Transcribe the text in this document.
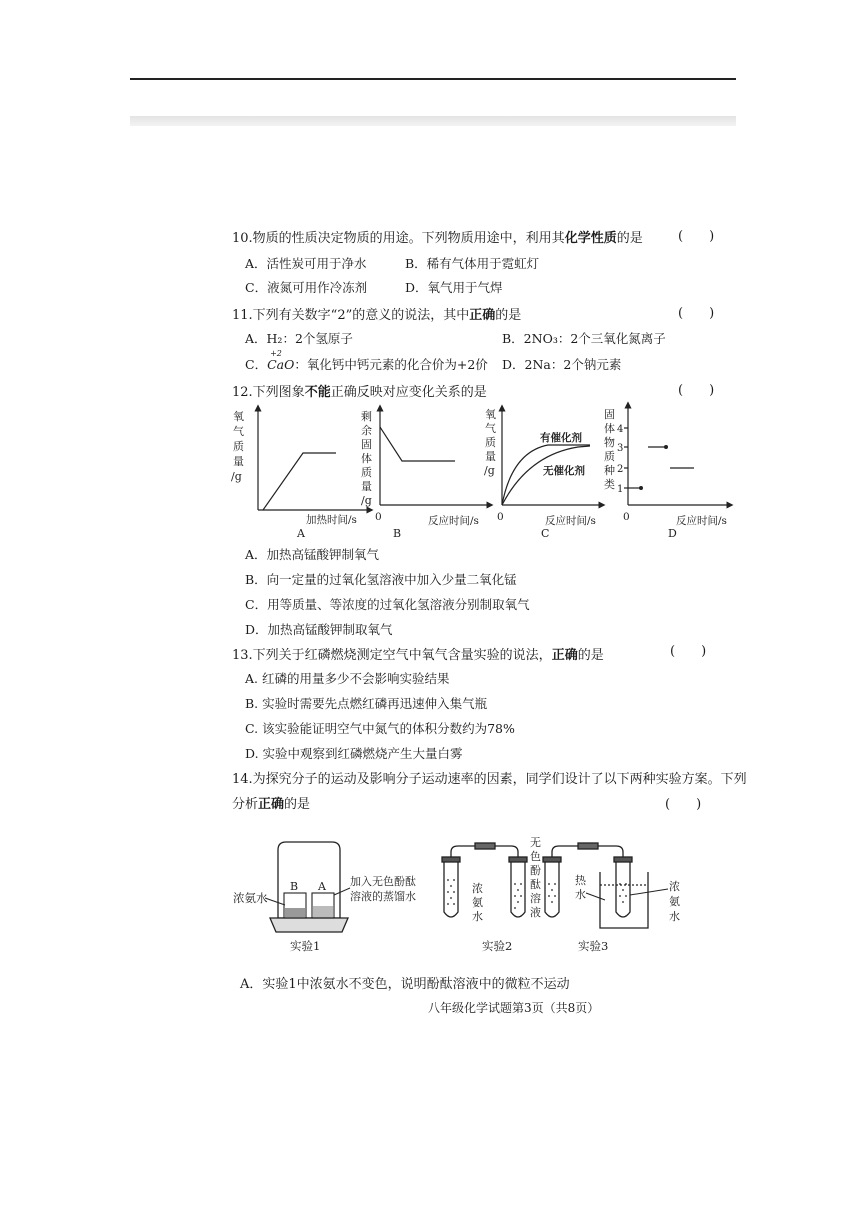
10.物质的性质决定物质的用途。下列物质用途中，利用其化学性质的是	(　　)
A．活性炭可用于净水	B．稀有气体用于霓虹灯
C．液氮可用作冷冻剂	D．氧气用于气焊
11.下列有关数字“2”的意义的说法，其中正确的是	(　　)
A．H₂：2个氢原子	B．2NO₃：2个三氧化氮离子
C．
+2
CaO：氧化钙中钙元素的化合价为+2价 D．2Na：2个钠元素
12.下列图象不能正确反映对应变化关系的是	(　　)
氧
气
质
量
/g
加热时间/s
A
剩
余
固
体
质
量
/g
0	反应时间/s
B
氧
气
质
量
/g
有催化剂
无催化剂
0	反应时间/s
C
固
体
物
质
种
类
4
3
2
1
0	反应时间/s
D
A．加热高锰酸钾制氧气
B．向一定量的过氧化氢溶液中加入少量二氧化锰
C．用等质量、等浓度的过氧化氢溶液分别制取氧气
D．加热高锰酸钾制取氧气
13.下列关于红磷燃烧测定空气中氧气含量实验的说法，正确的是	(　　)
A. 红磷的用量多少不会影响实验结果
B. 实验时需要先点燃红磷再迅速伸入集气瓶
C. 该实验能证明空气中氮气的体积分数约为78%
D. 实验中观察到红磷燃烧产生大量白雾
14.为探究分子的运动及影响分子运动速率的因素，同学们设计了以下两种实验方案。下列
分析正确的是	(　　)
浓氨水
B A 加入无色酚酞
溶液的蒸馏水
实验1
浓
氨
水
无
色
酚
酞
溶
液
实验2
热
水
浓
氨
水
实验3
A．实验1中浓氨水不变色，说明酚酞溶液中的微粒不运动
八年级化学试题第3页（共8页）
